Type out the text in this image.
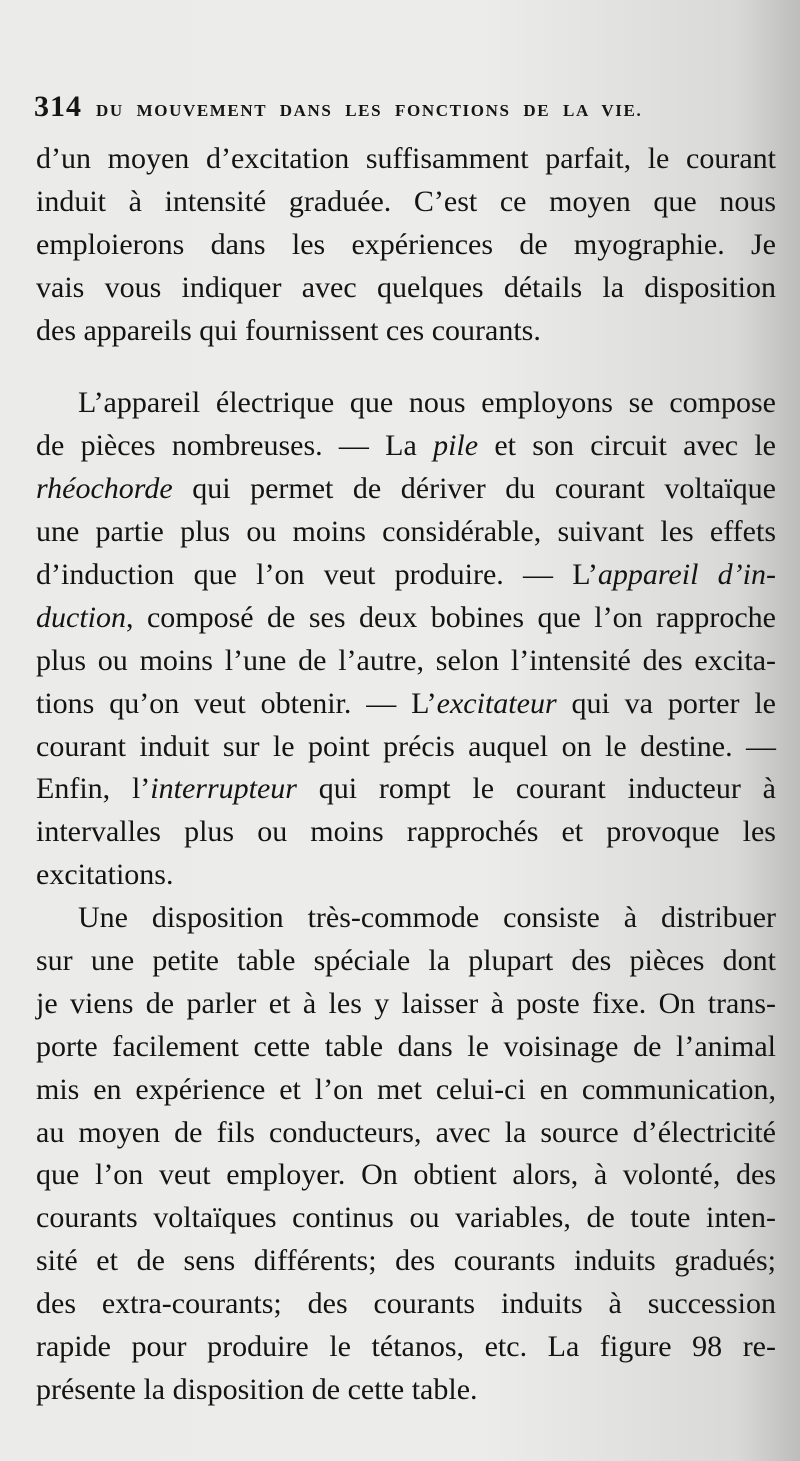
314 DU MOUVEMENT DANS LES FONCTIONS DE LA VIE.
d’un moyen d’excitation suffisamment parfait, le courant
induit à intensité graduée. C’est ce moyen que nous
emploierons dans les expériences de myographie. Je
vais vous indiquer avec quelques détails la disposition
des appareils qui fournissent ces courants.
L’appareil électrique que nous employons se compose
de pièces nombreuses. — La pile et son circuit avec le
rhéochorde qui permet de dériver du courant voltaïque
une partie plus ou moins considérable, suivant les effets
d’induction que l’on veut produire. — L’appareil d’in-
duction, composé de ses deux bobines que l’on rapproche
plus ou moins l’une de l’autre, selon l’intensité des excita-
tions qu’on veut obtenir. — L’excitateur qui va porter le
courant induit sur le point précis auquel on le destine. —
Enfin, l’interrupteur qui rompt le courant inducteur à
intervalles plus ou moins rapprochés et provoque les
excitations.
Une disposition très-commode consiste à distribuer
sur une petite table spéciale la plupart des pièces dont
je viens de parler et à les y laisser à poste fixe. On trans-
porte facilement cette table dans le voisinage de l’animal
mis en expérience et l’on met celui-ci en communication,
au moyen de fils conducteurs, avec la source d’électricité
que l’on veut employer. On obtient alors, à volonté, des
courants voltaïques continus ou variables, de toute inten-
sité et de sens différents; des courants induits gradués;
des extra-courants; des courants induits à succession
rapide pour produire le tétanos, etc. La figure 98 re-
présente la disposition de cette table.
